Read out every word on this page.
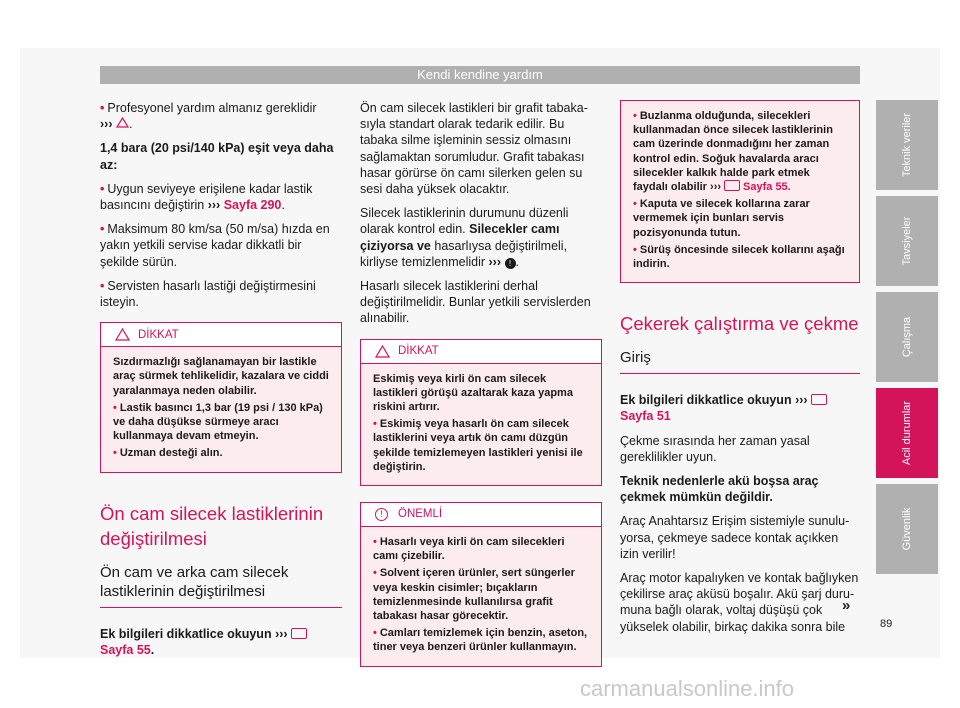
Kendi kendine yardım

• Profesyonel yardım almanız gereklidir
››› .

1,4 bara (20 psi/140 kPa) eşit veya daha az:

• Uygun seviyeye erişilene kadar lastik basıncını değiştirin ››› Sayfa 290.

• Maksimum 80 km/sa (50 m/sa) hızda en yakın yetkili servise kadar dikkatli bir şekilde sürün.

• Servisten hasarlı lastiği değiştirmesini isteyin.

DİKKAT

Sızdırmazlığı sağlanamayan bir lastikle araç sürmek tehlikelidir, kazalara ve ciddi yaralanmaya neden olabilir.

• Lastik basıncı 1,3 bar (19 psi / 130 kPa) ve daha düşükse sürmeye aracı kullanmaya devam etmeyin.

• Uzman desteği alın.

Ön cam silecek lastiklerinin değiştirilmesi
Ön cam ve arka cam silecek lastiklerinin değiştirilmesi

Ek bilgileri dikkatlice okuyun ›››Sayfa 55.

Ön cam silecek lastikleri bir grafit tabaka-sıyla standart olarak tedarik edilir. Bu tabaka silme işleminin sessiz olmasını sağlamaktan sorumludur. Grafit tabakası hasar görürse ön camı silerken gelen su sesi daha yüksek olacaktır.

Silecek lastiklerinin durumunu düzenli olarak kontrol edin. Silecekler camı çiziyorsa ve hasarlıysa değiştirilmeli, kirliyse temizlenmelidir ››› ! .

Hasarlı silecek lastiklerini derhal değiştirilmelidir. Bunlar yetkili servislerden alınabilir.

DİKKAT

Eskimiş veya kirli ön cam silecek lastikleri görüşü azaltarak kaza yapma riskini artırır.

• Eskimiş veya hasarlı ön cam silecek lastiklerini veya artık ön camı düzgün şekilde temizlemeyen lastikleri yenisi ile değiştirin.

!	ÖNEMLİ

• Hasarlı veya kirli ön cam silecekleri camı çizebilir.

• Solvent içeren ürünler, sert süngerler veya keskin cisimler; bıçakların temizlenmesinde kullanılırsa grafit tabakası hasar görecektir.

• Camları temizlemek için benzin, aseton, tiner veya benzeri ürünler kullanmayın.

• Buzlanma olduğunda, silecekleri kullanmadan önce silecek lastiklerinin cam üzerinde donmadığını her zaman kontrol edin. Soğuk havalarda aracı silecekler kalkık halde park etmek faydalı olabilir ››› Sayfa 55.

• Kaputa ve silecek kollarına zarar vermemek için bunları servis pozisyonunda tutun.

• Sürüş öncesinde silecek kollarını aşağı indirin.

Çekerek çalıştırma ve çekme
Giriş

Ek bilgileri dikkatlice okuyun ›››Sayfa 51

Çekme sırasında her zaman yasal gereklilikler uyun.

Teknik nedenlerle akü boşsa araç çekmek mümkün değildir.

Araç Anahtarsız Erişim sistemiyle sunulu-yorsa, çekmeye sadece kontak açıkken izin verilir!

Araç motor kapalıyken ve kontak bağlıyken çekilirse araç aküsü boşalır. Akü şarj duru-muna bağlı olarak, voltaj düşüşü çok yükselek olabilir, birkaç dakika sonra bile

Teknik veriler
Tavsiyeler
Çalışma
Acil durumlar
Güvenlik
»
89
carmanualsonline.info
